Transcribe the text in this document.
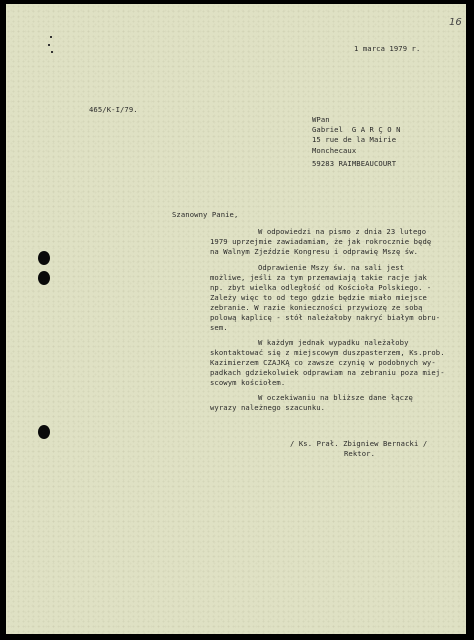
16

1 marca 1979 r.

465/K-I/79.

WPan

Gabriel  G A R Ç O N

15 rue de la Mairie

Monchecaux

59283 RAIMBEAUCOURT

Szanowny Panie,

W odpowiedzi na pismo z dnia 23 lutego

1979 uprzejmie zawiadamiam, że jak rokrocznie będę

na Walnym Zjeździe Kongresu i odprawię Mszę św.

Odprawienie Mszy św. na sali jest

możliwe, jeśli za tym przemawiają takie racje jak

np. zbyt wielka odległość od Kościoła Polskiego. -

Zależy więc to od tego gdzie będzie miało miejsce

zebranie. W razie konieczności przywiozę ze sobą

polową kaplicę - stół należałoby nakryć białym obru-

sem.

W każdym jednak wypadku należałoby

skontaktować się z miejscowym duszpasterzem, Ks.prob.

Kazimierzem CZAJKĄ co zawsze czynię w podobnych wy-

padkach gdziekolwiek odprawiam na zebraniu poza miej-

scowym kościołem.

W oczekiwaniu na bliższe dane łączę

wyrazy należnego szacunku.

/ Ks. Prał. Zbigniew Bernacki /

Rektor.
